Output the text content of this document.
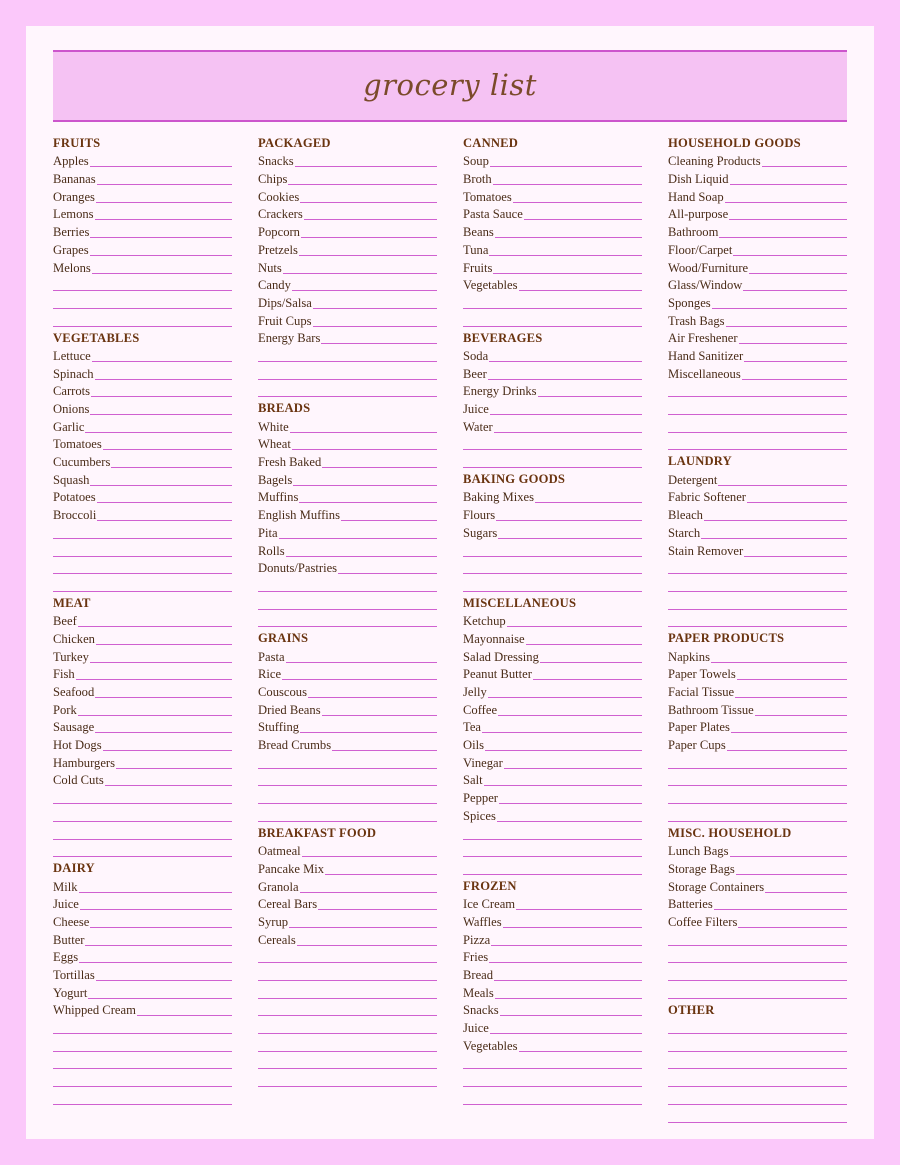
grocery list
FRUITS
Apples
Bananas
Oranges
Lemons
Berries
Grapes
Melons
VEGETABLES
Lettuce
Spinach
Carrots
Onions
Garlic
Tomatoes
Cucumbers
Squash
Potatoes
Broccoli
MEAT
Beef
Chicken
Turkey
Fish
Seafood
Pork
Sausage
Hot Dogs
Hamburgers
Cold Cuts
DAIRY
Milk
Juice
Cheese
Butter
Eggs
Tortillas
Yogurt
Whipped Cream
PACKAGED
Snacks
Chips
Cookies
Crackers
Popcorn
Pretzels
Nuts
Candy
Dips/Salsa
Fruit Cups
Energy Bars
BREADS
White
Wheat
Fresh Baked
Bagels
Muffins
English Muffins
Pita
Rolls
Donuts/Pastries
GRAINS
Pasta
Rice
Couscous
Dried Beans
Stuffing
Bread Crumbs
BREAKFAST FOOD
Oatmeal
Pancake Mix
Granola
Cereal Bars
Syrup
Cereals
CANNED
Soup
Broth
Tomatoes
Pasta Sauce
Beans
Tuna
Fruits
Vegetables
BEVERAGES
Soda
Beer
Energy Drinks
Juice
Water
BAKING GOODS
Baking Mixes
Flours
Sugars
MISCELLANEOUS
Ketchup
Mayonnaise
Salad Dressing
Peanut Butter
Jelly
Coffee
Tea
Oils
Vinegar
Salt
Pepper
Spices
FROZEN
Ice Cream
Waffles
Pizza
Fries
Bread
Meals
Snacks
Juice
Vegetables
HOUSEHOLD GOODS
Cleaning Products
Dish Liquid
Hand Soap
All-purpose
Bathroom
Floor/Carpet
Wood/Furniture
Glass/Window
Sponges
Trash Bags
Air Freshener
Hand Sanitizer
Miscellaneous
LAUNDRY
Detergent
Fabric Softener
Bleach
Starch
Stain Remover
PAPER PRODUCTS
Napkins
Paper Towels
Facial Tissue
Bathroom Tissue
Paper Plates
Paper Cups
MISC. HOUSEHOLD
Lunch Bags
Storage Bags
Storage Containers
Batteries
Coffee Filters
OTHER
